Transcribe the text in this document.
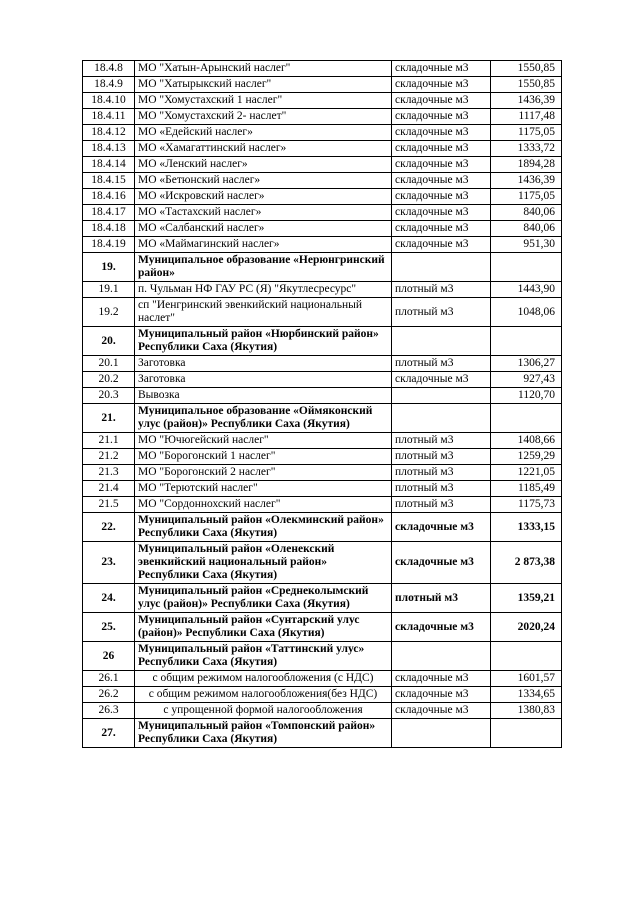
18.4.8	МО "Хатын-Арынский наслег"	складочные м3	1550,85
18.4.9	МО "Хатырыкский наслег"	складочные м3	1550,85
18.4.10	МО "Хомустахский 1 наслег"	складочные м3	1436,39
18.4.11	МО "Хомустахский 2- наслет"	складочные м3	1117,48
18.4.12	МО «Едейский наслег»	складочные м3	1175,05
18.4.13	МО «Хамагаттинский наслег»	складочные м3	1333,72
18.4.14	МО «Ленский наслег»	складочные м3	1894,28
18.4.15	МО «Бетюнский наслег»	складочные м3	1436,39
18.4.16	МО «Искровский наслег»	складочные м3	1175,05
18.4.17	МО «Тастахский наслег»	складочные м3	840,06
18.4.18	МО «Салбанский наслег»	складочные м3	840,06
18.4.19	МО «Маймагинский наслег»	складочные м3	951,30
19.	Муниципальное образование «Нерюнгринский район»		
19.1	п. Чульман НФ ГАУ РС (Я) "Якутлесресурс"	плотный м3	1443,90
19.2	сп "Иенгринский эвенкийский национальный наслет"	плотный м3	1048,06
20.	Муниципальный район «Нюрбинский район» Республики Саха (Якутия)		
20.1	Заготовка	плотный м3	1306,27
20.2	Заготовка	складочные м3	927,43
20.3	Вывозка		1120,70
21.	Муниципальное образование «Оймяконский улус (район)» Республики Саха (Якутия)		
21.1	МО "Ючюгейский наслег"	плотный м3	1408,66
21.2	МО "Борогонский 1 наслег"	плотный м3	1259,29
21.3	МО "Борогонский 2 наслег"	плотный м3	1221,05
21.4	МО "Терютский наслег"	плотный м3	1185,49
21.5	МО "Сордоннохский наслег"	плотный м3	1175,73
22.	Муниципальный район «Олекминский район» Республики Саха (Якутия)	складочные м3	1333,15
23.	Муниципальный район «Оленекский эвенкийский национальный район» Республики Саха (Якутия)	складочные м3	2 873,38
24.	Муниципальный район «Среднеколымский улус (район)» Республики Саха (Якутия)	плотный м3	1359,21
25.	Муниципальный район «Сунтарский улус (район)» Республики Саха (Якутия)	складочные м3	2020,24
26	Муниципальный район «Таттинский улус» Республики Саха (Якутия)		
26.1	с общим режимом налогообложения (с НДС)	складочные м3	1601,57
26.2	с общим режимом налогообложения(без НДС)	складочные м3	1334,65
26.3	с упрощенной формой налогообложения	складочные м3	1380,83
27.	Муниципальный район «Томпонский район» Республики Саха (Якутия)		
